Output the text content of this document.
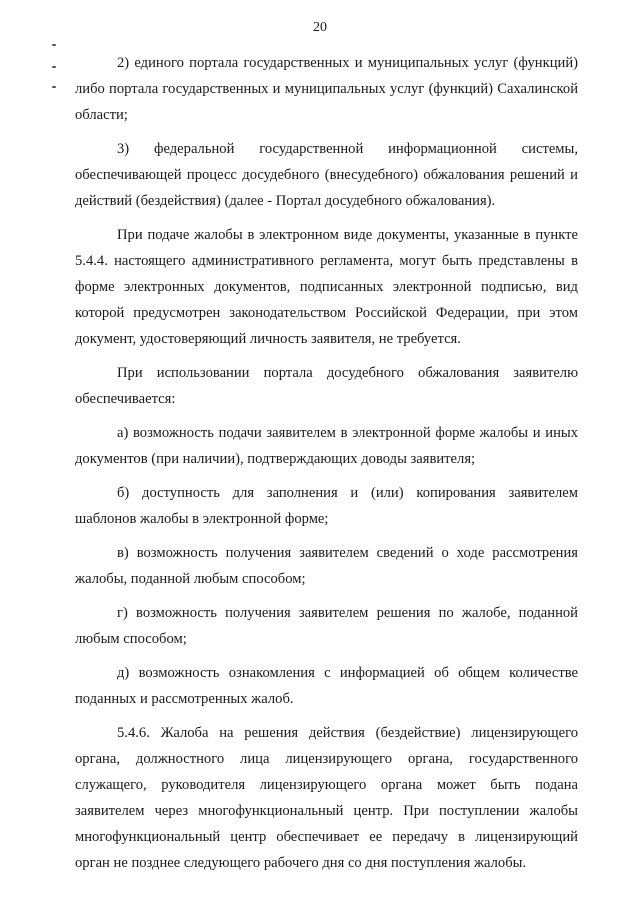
20

2) единого портала государственных и муниципальных услуг (функций) либо портала государственных и муниципальных услуг (функций) Сахалинской области;

3) федеральной государственной информационной системы, обеспечивающей процесс досудебного (внесудебного) обжалования решений и действий (бездействия) (далее - Портал досудебного обжалования).

При подаче жалобы в электронном виде документы, указанные в пункте 5.4.4. настоящего административного регламента, могут быть представлены в форме электронных документов, подписанных электронной подписью, вид которой предусмотрен законодательством Российской Федерации, при этом документ, удостоверяющий личность заявителя, не требуется.

При использовании портала досудебного обжалования заявителю обеспечивается:

а) возможность подачи заявителем в электронной форме жалобы и иных документов (при наличии), подтверждающих доводы заявителя;

б) доступность для заполнения и (или) копирования заявителем шаблонов жалобы в электронной форме;

в) возможность получения заявителем сведений о ходе рассмотрения жалобы, поданной любым способом;

г) возможность получения заявителем решения по жалобе, поданной любым способом;

д) возможность ознакомления с информацией об общем количестве поданных и рассмотренных жалоб.

5.4.6. Жалоба на решения действия (бездействие) лицензирующего органа, должностного лица лицензирующего органа, государственного служащего, руководителя лицензирующего органа может быть подана заявителем через многофункциональный центр. При поступлении жалобы многофункциональный центр обеспечивает ее передачу в лицензирующий орган не позднее следующего рабочего дня со дня поступления жалобы.
